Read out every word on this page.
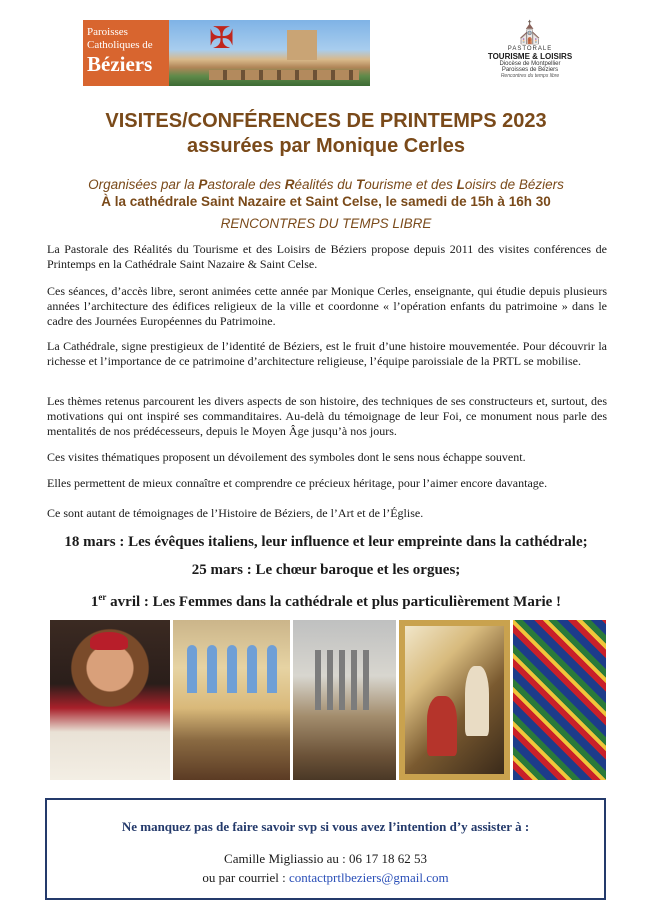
Paroisses
Catholiques de
Béziers
✠	⛪
PASTORALE
TOURISME & LOISIRS
Diocèse de Montpellier
Paroisses de Béziers
Rencontres du temps libre
VISITES/CONFÉRENCES DE PRINTEMPS 2023
assurées par Monique Cerles
Organisées par la Pastorale des Réalités du Tourisme et des Loisirs de Béziers
À la cathédrale Saint Nazaire et Saint Celse, le samedi de 15h à 16h 30
RENCONTRES DU TEMPS LIBRE

La Pastorale des Réalités du Tourisme et des Loisirs de Béziers propose depuis 2011 des visites conférences de Printemps en la Cathédrale Saint Nazaire & Saint Celse.

Ces séances, d’accès libre, seront animées cette année par Monique Cerles, enseignante, qui étudie depuis plusieurs années l’architecture des édifices religieux de la ville et coordonne « l’opération enfants du patrimoine » dans le cadre des Journées Européennes du Patrimoine.

La Cathédrale, signe prestigieux de l’identité de Béziers, est le fruit d’une histoire mouvementée. Pour découvrir la richesse et l’importance de ce patrimoine d’architecture religieuse, l’équipe paroissiale de la PRTL se mobilise.

Les thèmes retenus parcourent les divers aspects de son histoire, des techniques de ses constructeurs et, surtout, des motivations qui ont inspiré ses commanditaires. Au-delà du témoignage de leur Foi, ce monument nous parle des mentalités de nos prédécesseurs, depuis le Moyen Âge jusqu’à nos jours.

Ces visites thématiques proposent un dévoilement des symboles dont le sens nous échappe souvent.

Elles permettent de mieux connaître et comprendre ce précieux héritage, pour l’aimer encore davantage.

Ce sont autant de témoignages de l’Histoire de Béziers, de l’Art et de l’Église.

18 mars : Les évêques italiens, leur influence et leur empreinte dans la cathédrale;
25 mars : Le chœur baroque et les orgues;
1er avril : Les Femmes dans la cathédrale et plus particulièrement Marie !
Ne manquez pas de faire savoir svp si vous avez l’intention d’y assister à :
Camille Migliassio au : 06 17 18 62 53
ou par courriel : contactprtlbeziers@gmail.com
